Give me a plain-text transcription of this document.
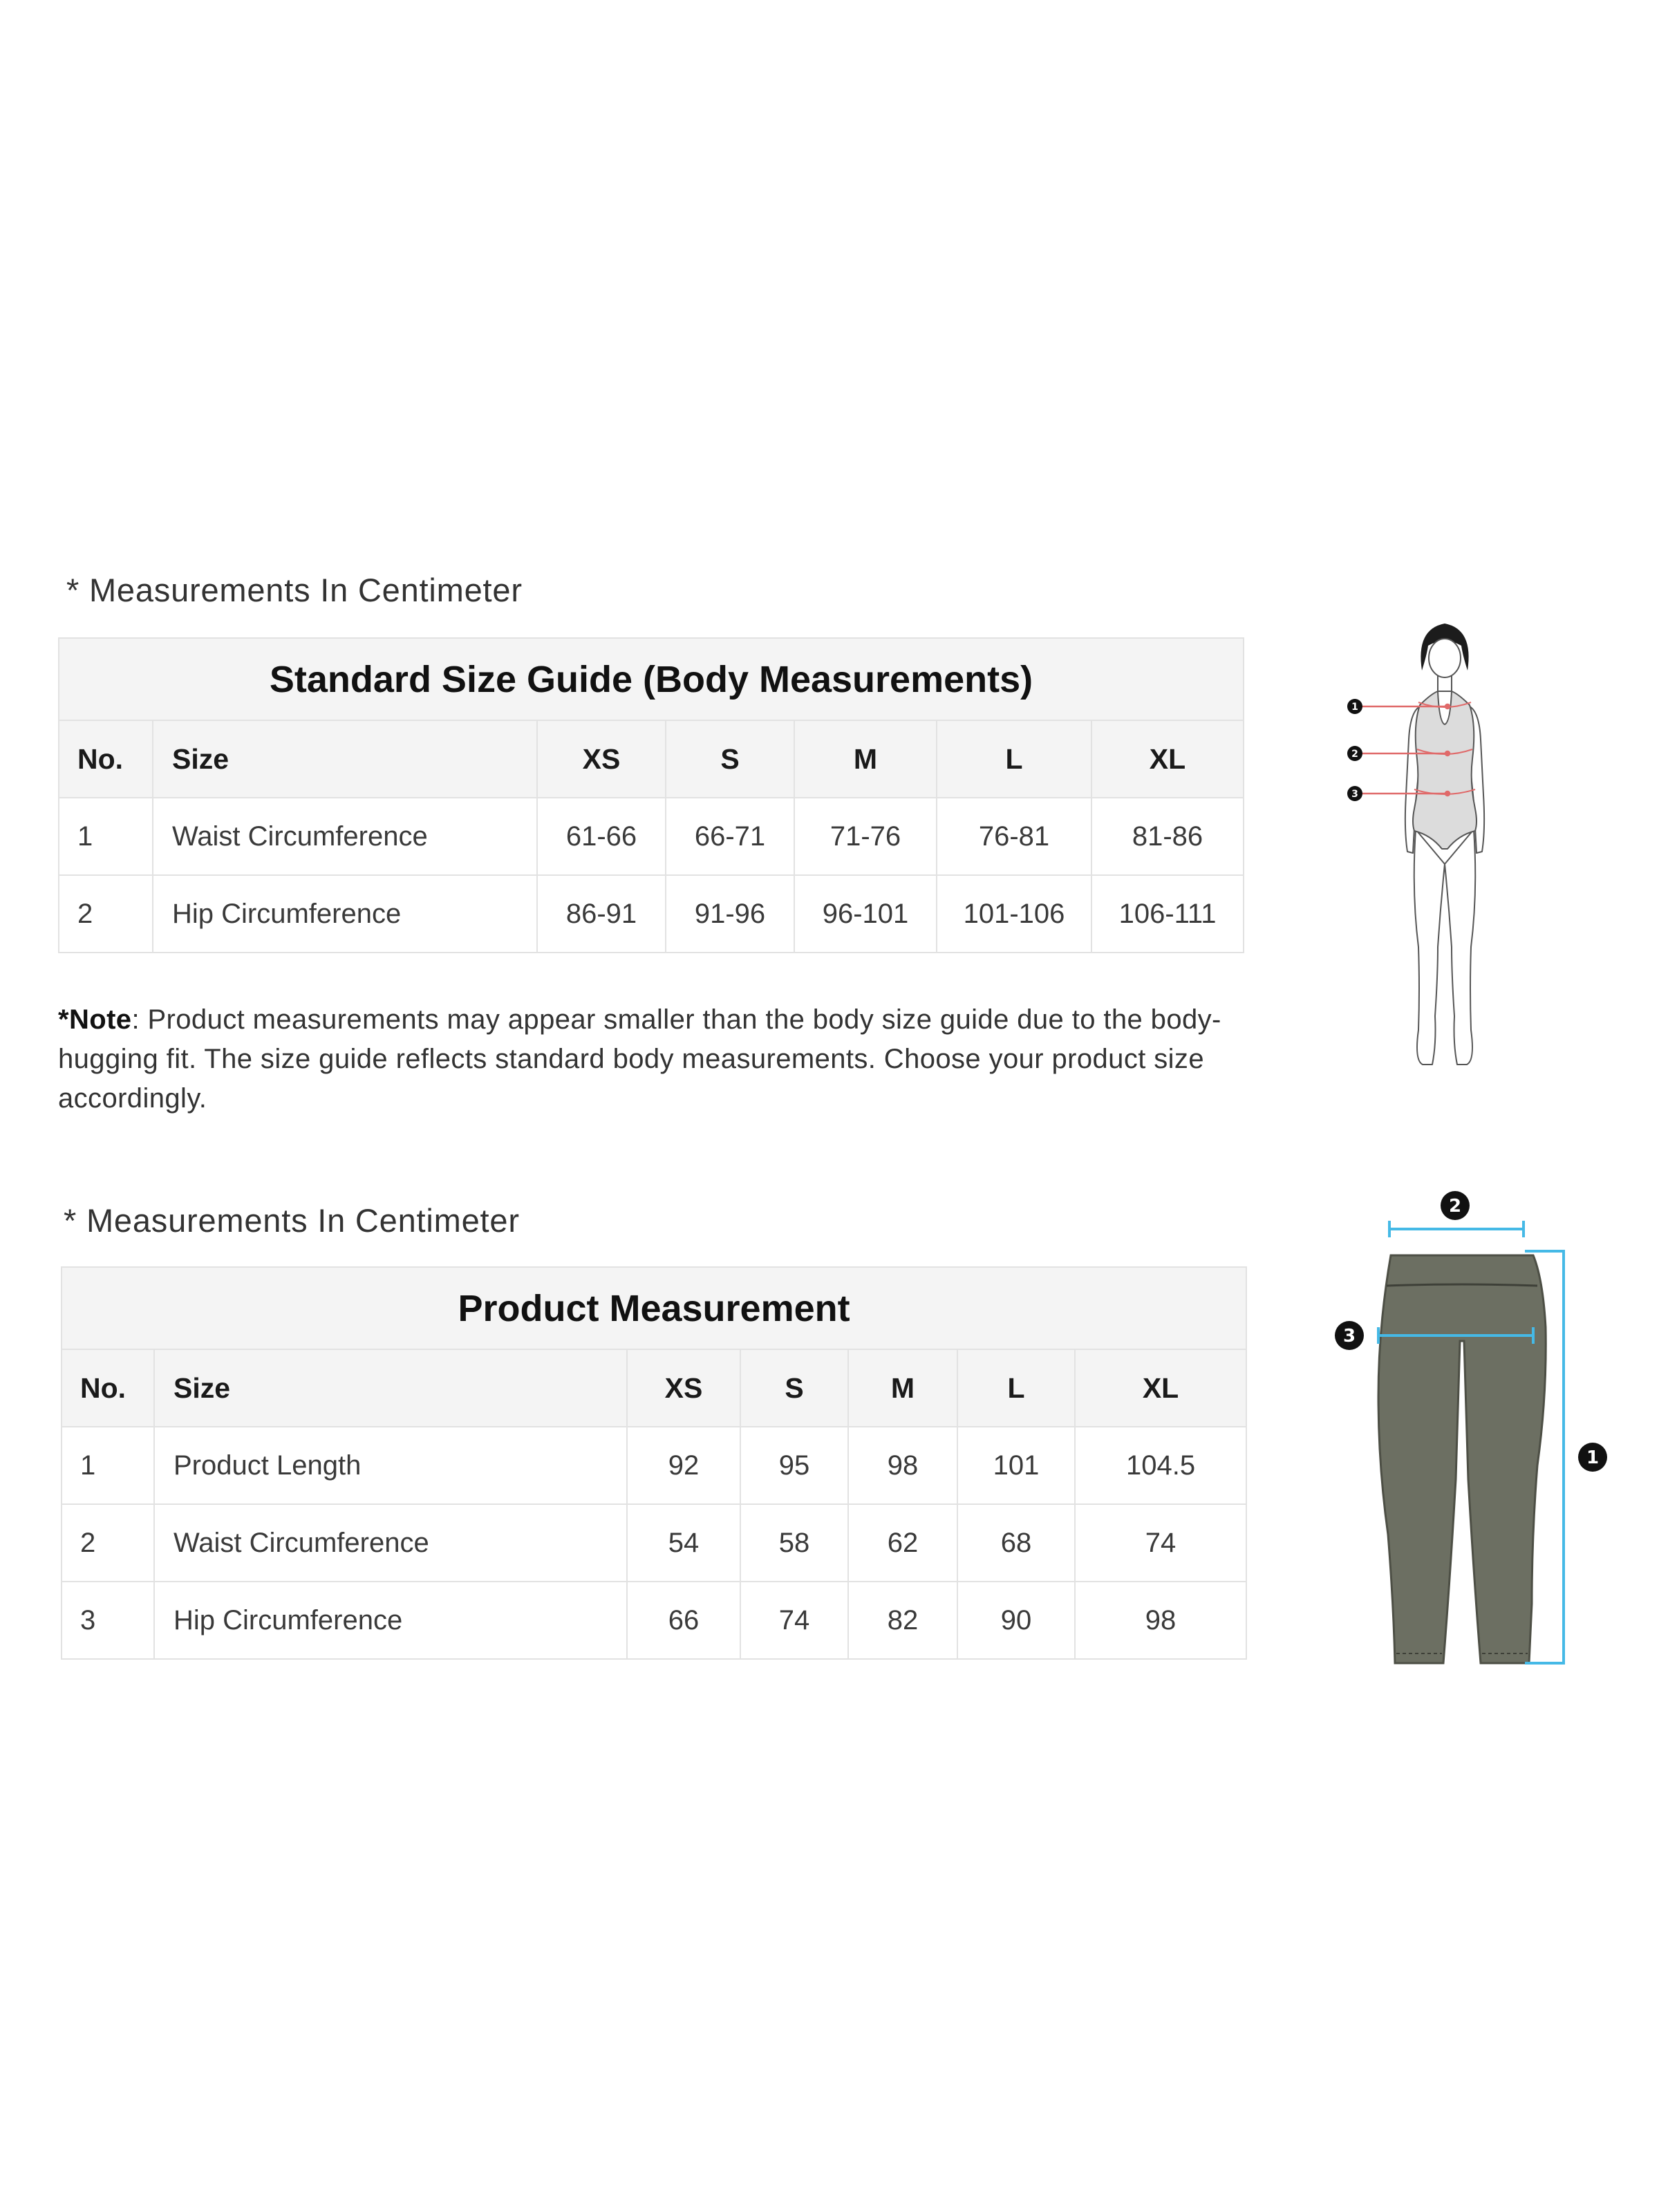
* Measurements In Centimeter
Standard Size Guide (Body Measurements)						
No.	Size	XS	S	M	L	XL
1	Waist Circumference	61-66	66-71	71-76	76-81	81-86
2	Hip Circumference	86-91	91-96	96-101	101-106	106-111
*Note: Product measurements may appear smaller than the body size guide due to the body-hugging fit. The size guide reflects standard body measurements. Choose your product size accordingly.
1
2
3
* Measurements In Centimeter
Product Measurement						
No.	Size	XS	S	M	L	XL
1	Product Length	92	95	98	101	104.5
2	Waist Circumference	54	58	62	68	74
3	Hip Circumference	66	74	82	90	98
2
3
1
